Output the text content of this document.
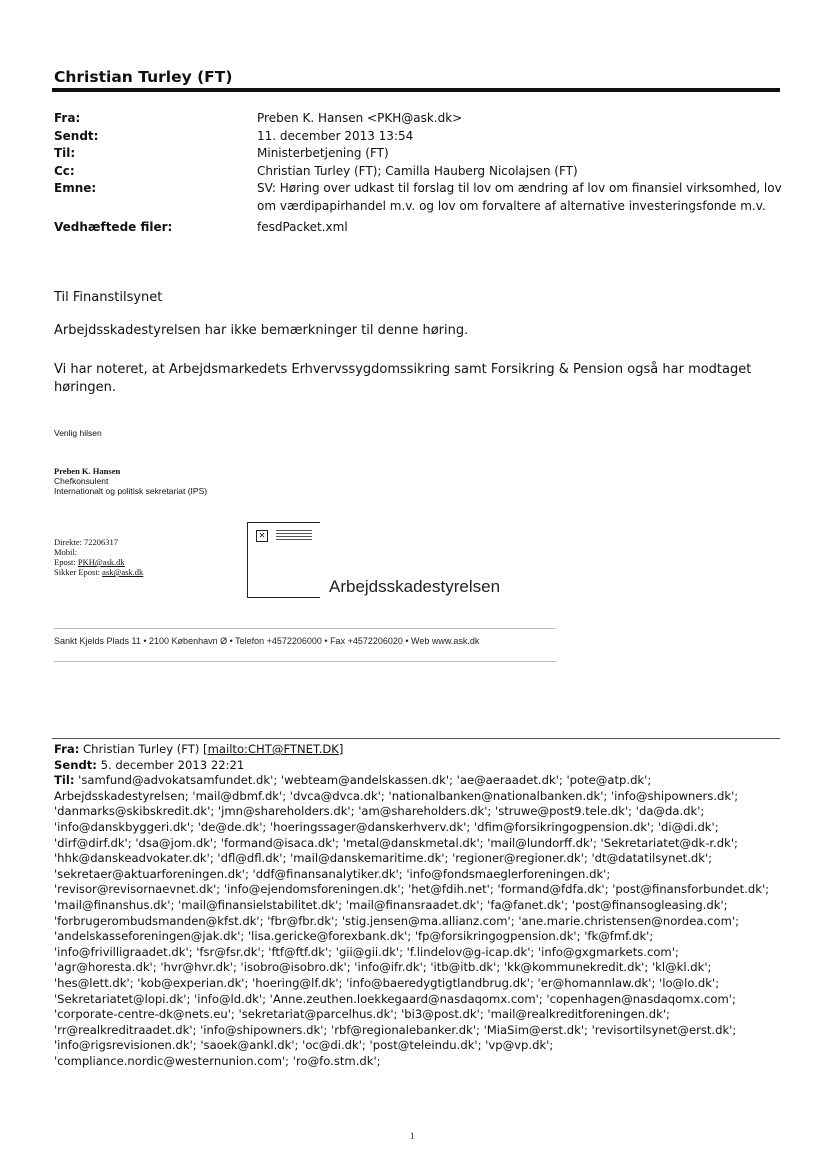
Christian Turley (FT)
Fra:	Preben K. Hansen <PKH@ask.dk>
Sendt:	11. december 2013 13:54
Til:	Ministerbetjening (FT)
Cc:	Christian Turley (FT); Camilla Hauberg Nicolajsen (FT)
Emne:	SV: Høring over udkast til forslag til lov om ændring af lov om finansiel virksomhed, lov om værdipapirhandel m.v. og lov om forvaltere af alternative investeringsfonde m.v.
Vedhæftede filer:	fesdPacket.xml
Til Finanstilsynet
Arbejdsskadestyrelsen har ikke bemærkninger til denne høring.
Vi har noteret, at Arbejdsmarkedets Erhvervssygdomssikring samt Forsikring & Pension også har modtaget høringen.
Venlig hilsen
Preben K. Hansen
Chefkonsulent
Internationalt og politisk sekretariat (IPS)
Direkte: 72206317
Mobil:
Epost: PKH@ask.dk
Sikker Epost: ask@ask.dk
✕
Arbejdsskadestyrelsen
Sankt Kjelds Plads 11 • 2100 København Ø • Telefon +4572206000 • Fax +4572206020 • Web www.ask.dk
Fra: Christian Turley (FT) [mailto:CHT@FTNET.DK]
Sendt: 5. december 2013 22:21
Til: 'samfund@advokatsamfundet.dk'; 'webteam@andelskassen.dk'; 'ae@aeraadet.dk'; 'pote@atp.dk'; Arbejdsskadestyrelsen; 'mail@dbmf.dk'; 'dvca@dvca.dk'; 'nationalbanken@nationalbanken.dk'; 'info@shipowners.dk'; 'danmarks@skibskredit.dk'; 'jmn@shareholders.dk'; 'am@shareholders.dk'; 'struwe@post9.tele.dk'; 'da@da.dk'; 'info@danskbyggeri.dk'; 'de@de.dk'; 'hoeringssager@danskerhverv.dk'; 'dfim@forsikringogpension.dk'; 'di@di.dk'; 'dirf@dirf.dk'; 'dsa@jom.dk'; 'formand@isaca.dk'; 'metal@danskmetal.dk'; 'mail@lundorff.dk'; 'Sekretariatet@dk-r.dk'; 'hhk@danskeadvokater.dk'; 'dfl@dfl.dk'; 'mail@danskemaritime.dk'; 'regioner@regioner.dk'; 'dt@datatilsynet.dk'; 'sekretaer@aktuarforeningen.dk'; 'ddf@finansanalytiker.dk'; 'info@fondsmaeglerforeningen.dk'; 'revisor@revisornaevnet.dk'; 'info@ejendomsforeningen.dk'; 'het@fdih.net'; 'formand@fdfa.dk'; 'post@finansforbundet.dk'; 'mail@finanshus.dk'; 'mail@finansielstabilitet.dk'; 'mail@finansraadet.dk'; 'fa@fanet.dk'; 'post@finansogleasing.dk'; 'forbrugerombudsmanden@kfst.dk'; 'fbr@fbr.dk'; 'stig.jensen@ma.allianz.com'; 'ane.marie.christensen@nordea.com'; 'andelskasseforeningen@jak.dk'; 'lisa.gericke@forexbank.dk'; 'fp@forsikringogpension.dk'; 'fk@fmf.dk'; 'info@frivilligraadet.dk'; 'fsr@fsr.dk'; 'ftf@ftf.dk'; 'gii@gii.dk'; 'f.lindelov@g-icap.dk'; 'info@gxgmarkets.com'; 'agr@horesta.dk'; 'hvr@hvr.dk'; 'isobro@isobro.dk'; 'info@ifr.dk'; 'itb@itb.dk'; 'kk@kommunekredit.dk'; 'kl@kl.dk'; 'hes@lett.dk'; 'kob@experian.dk'; 'hoering@lf.dk'; 'info@baeredygtigtlandbrug.dk'; 'er@homannlaw.dk'; 'lo@lo.dk'; 'Sekretariatet@lopi.dk'; 'info@ld.dk'; 'Anne.zeuthen.loekkegaard@nasdaqomx.com'; 'copenhagen@nasdaqomx.com'; 'corporate-centre-dk@nets.eu'; 'sekretariat@parcelhus.dk'; 'bi3@post.dk'; 'mail@realkreditforeningen.dk'; 'rr@realkreditraadet.dk'; 'info@shipowners.dk'; 'rbf@regionalebanker.dk'; 'MiaSim@erst.dk'; 'revisortilsynet@erst.dk'; 'info@rigsrevisionen.dk'; 'saoek@ankl.dk'; 'oc@di.dk'; 'post@teleindu.dk'; 'vp@vp.dk'; 'compliance.nordic@westernunion.com'; 'ro@fo.stm.dk';
1
